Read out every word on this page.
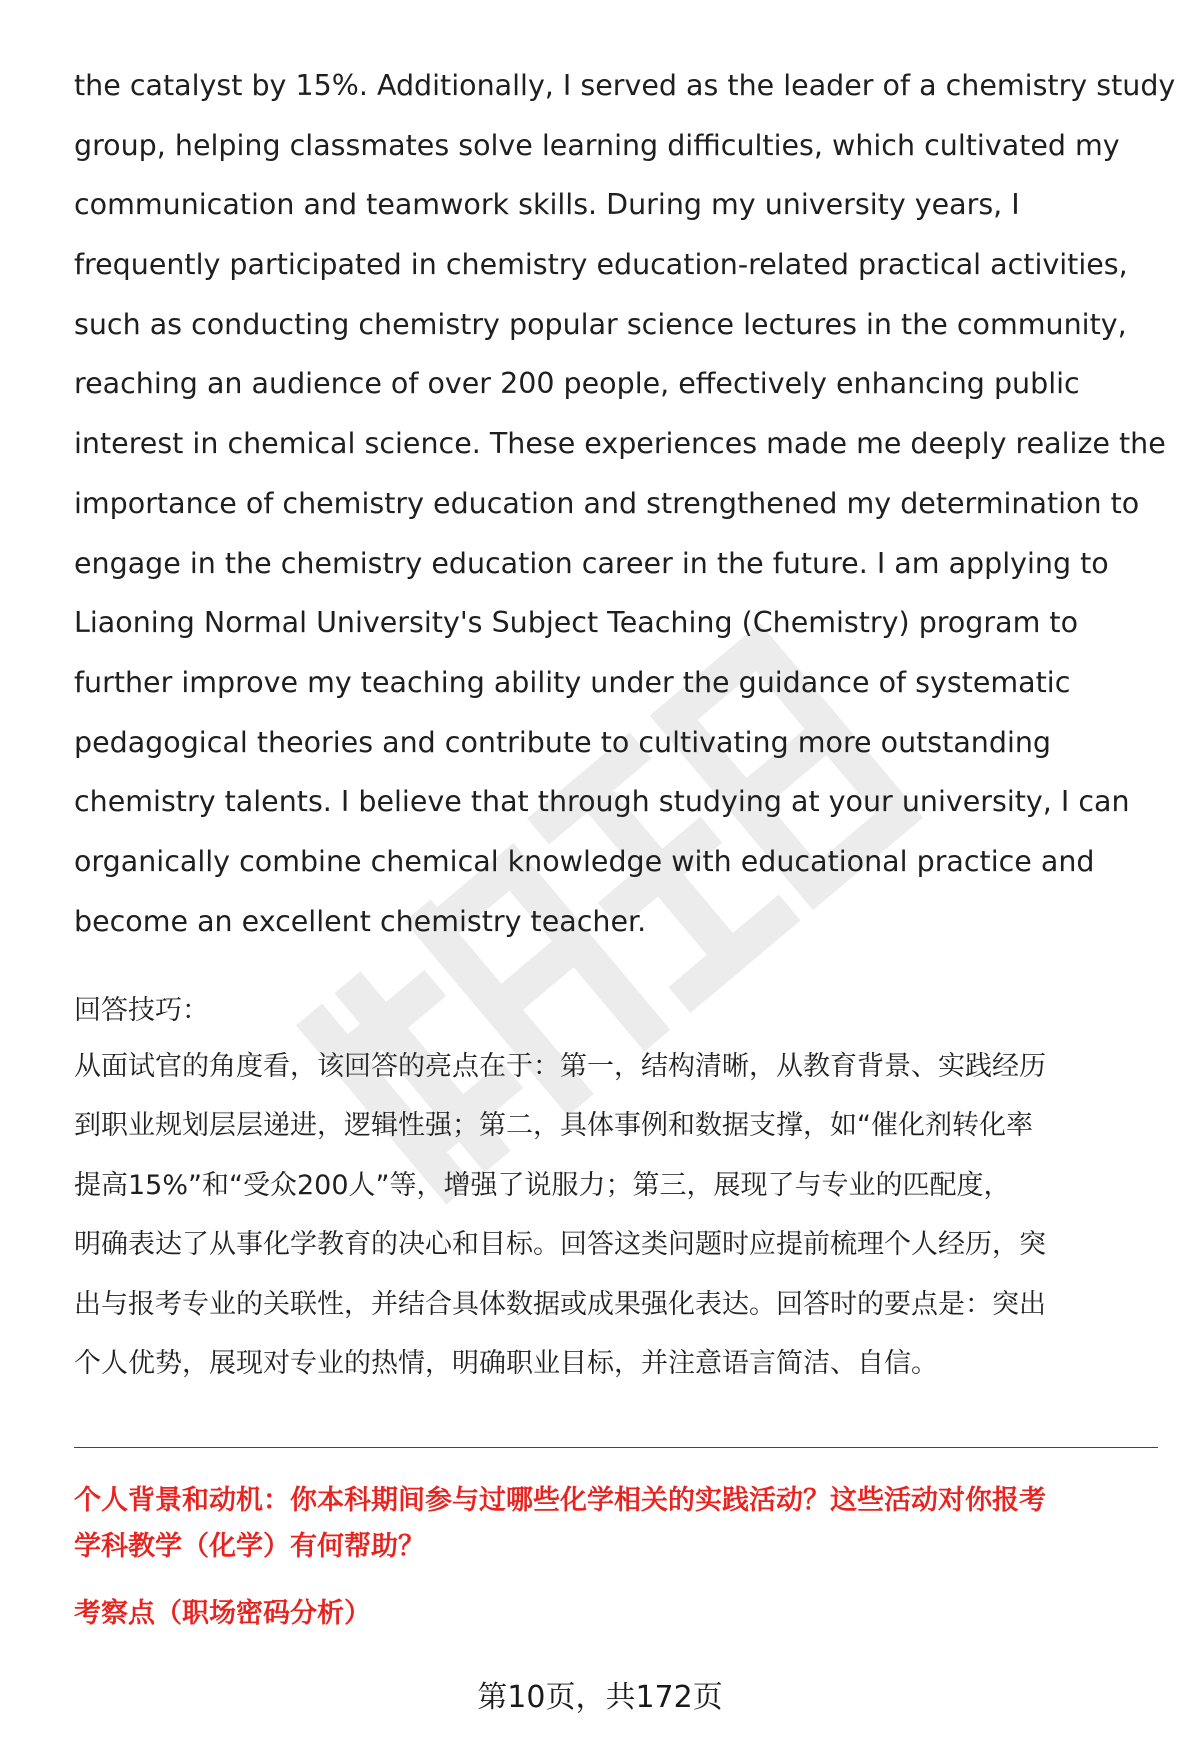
the catalyst by 15%. Additionally, I served as the leader of a chemistry study
group, helping classmates solve learning difficulties, which cultivated my
communication and teamwork skills. During my university years, I
frequently participated in chemistry education-related practical activities,
such as conducting chemistry popular science lectures in the community,
reaching an audience of over 200 people, effectively enhancing public
interest in chemical science. These experiences made me deeply realize the
importance of chemistry education and strengthened my determination to
engage in the chemistry education career in the future. I am applying to
Liaoning Normal University's Subject Teaching (Chemistry) program to
further improve my teaching ability under the guidance of systematic
pedagogical theories and contribute to cultivating more outstanding
chemistry talents. I believe that through studying at your university, I can
organically combine chemical knowledge with educational practice and
become an excellent chemistry teacher.
回答技巧：
从面试官的角度看，该回答的亮点在于：第一，结构清晰，从教育背景、实践经历
到职业规划层层递进，逻辑性强；第二，具体事例和数据支撑，如“催化剂转化率
提高15%”和“受众200人”等，增强了说服力；第三，展现了与专业的匹配度，
明确表达了从事化学教育的决心和目标。回答这类问题时应提前梳理个人经历，突
出与报考专业的关联性，并结合具体数据或成果强化表达。回答时的要点是：突出
个人优势，展现对专业的热情，明确职业目标，并注意语言简洁、自信。
个人背景和动机：你本科期间参与过哪些化学相关的实践活动？这些活动对你报考
学科教学（化学）有何帮助？
考察点（职场密码分析）
第10页，共172页
